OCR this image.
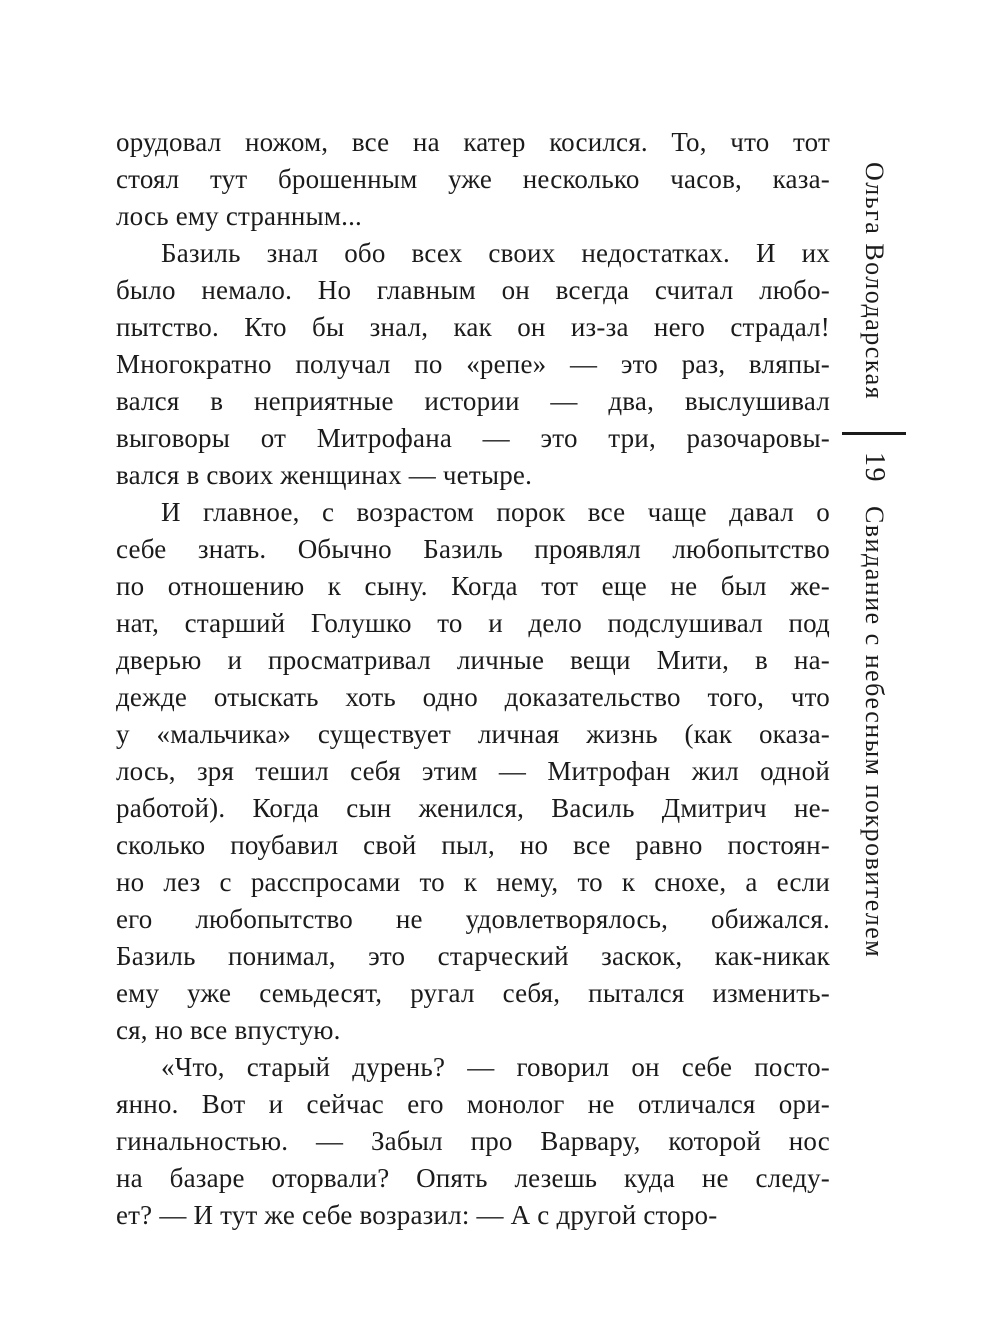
орудовал ножом, все на катер косился. То, что тот
стоял тут брошенным уже несколько часов, каза-
лось ему странным...
Базиль знал обо всех своих недостатках. И их
было немало. Но главным он всегда считал любо-
пытство. Кто бы знал, как он из-за него страдал!
Многократно получал по «репе» — это раз, вляпы-
вался в неприятные истории — два, выслушивал
выговоры от Митрофана — это три, разочаровы-
вался в своих женщинах — четыре.
И главное, с возрастом порок все чаще давал о
себе знать. Обычно Базиль проявлял любопытство
по отношению к сыну. Когда тот еще не был же-
нат, старший Голушко то и дело подслушивал под
дверью и просматривал личные вещи Мити, в на-
дежде отыскать хоть одно доказательство того, что
у «мальчика» существует личная жизнь (как оказа-
лось, зря тешил себя этим — Митрофан жил одной
работой). Когда сын женился, Василь Дмитрич не-
сколько поубавил свой пыл, но все равно постоян-
но лез с расспросами то к нему, то к снохе, а если
его любопытство не удовлетворялось, обижался.
Базиль понимал, это старческий заскок, как-никак
ему уже семьдесят, ругал себя, пытался изменить-
ся, но все впустую.
«Что, старый дурень? — говорил он себе посто-
янно. Вот и сейчас его монолог не отличался ори-
гинальностью. — Забыл про Варвару, которой нос
на базаре оторвали? Опять лезешь куда не следу-
ет? — И тут же себе возразил: — А с другой сторо-
Ольга Володарская
19
Свидание с небесным покровителем
